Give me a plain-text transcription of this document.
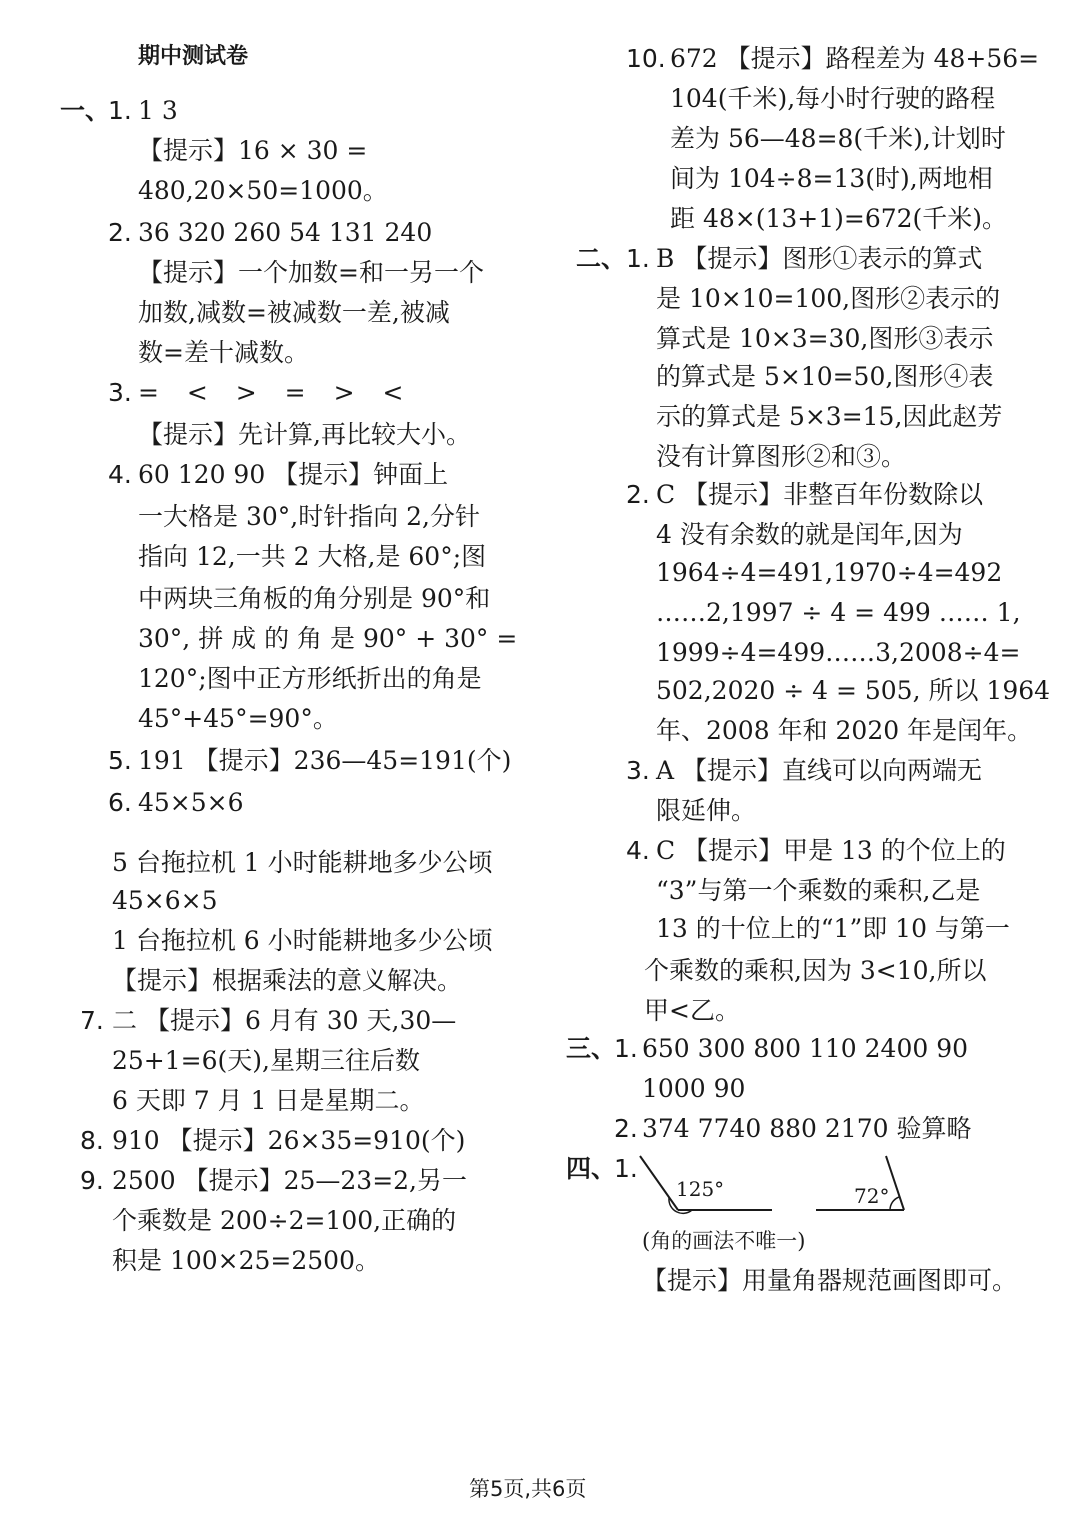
期中测试卷
一、
1. 1 3
【提示】16 × 30 =
480,20×50=1000。
2. 36 320 260 54 131 240
【提示】一个加数=和一另一个
加数,减数=被减数一差,被减
数=差十减数。
3. = < > = > <
【提示】先计算,再比较大小。
4. 60 120 90 【提示】钟面上
一大格是 30°,时针指向 2,分针
指向 12,一共 2 大格,是 60°;图
中两块三角板的角分别是 90°和
30°, 拼 成 的 角 是 90° + 30° =
120°;图中正方形纸折出的角是
45°+45°=90°。
5. 191 【提示】236—45=191(个)
6. 45×5×6
5 台拖拉机 1 小时能耕地多少公顷
45×6×5
1 台拖拉机 6 小时能耕地多少公顷
【提示】根据乘法的意义解决。
7. 二 【提示】6 月有 30 天,30—
25+1=6(天),星期三往后数
6 天即 7 月 1 日是星期二。
8. 910 【提示】26×35=910(个)
9. 2500 【提示】25—23=2,另一
个乘数是 200÷2=100,正确的
积是 100×25=2500。
10. 672 【提示】路程差为 48+56=
104(千米),每小时行驶的路程
差为 56—48=8(千米),计划时
间为 104÷8=13(时),两地相
距 48×(13+1)=672(千米)。
二、 1. B 【提示】图形①表示的算式
是 10×10=100,图形②表示的
算式是 10×3=30,图形③表示
的算式是 5×10=50,图形④表
示的算式是 5×3=15,因此赵芳
没有计算图形②和③。
2. C 【提示】非整百年份数除以
4 没有余数的就是闰年,因为
1964÷4=491,1970÷4=492
……2,1997 ÷ 4 = 499 …… 1,
1999÷4=499……3,2008÷4=
502,2020 ÷ 4 = 505, 所以 1964
年、2008 年和 2020 年是闰年。
3. A 【提示】直线可以向两端无
限延伸。
4. C 【提示】甲是 13 的个位上的
“3”与第一个乘数的乘积,乙是
13 的十位上的“1”即 10 与第一
个乘数的乘积,因为 3<10,所以
甲<乙。
三、
1. 650 300 800 110 2400 90
1000 90
2. 374 7740 880 2170 验算略
四、
1.
125°	72°
(角的画法不唯一)
【提示】用量角器规范画图即可。
第5页,共6页
